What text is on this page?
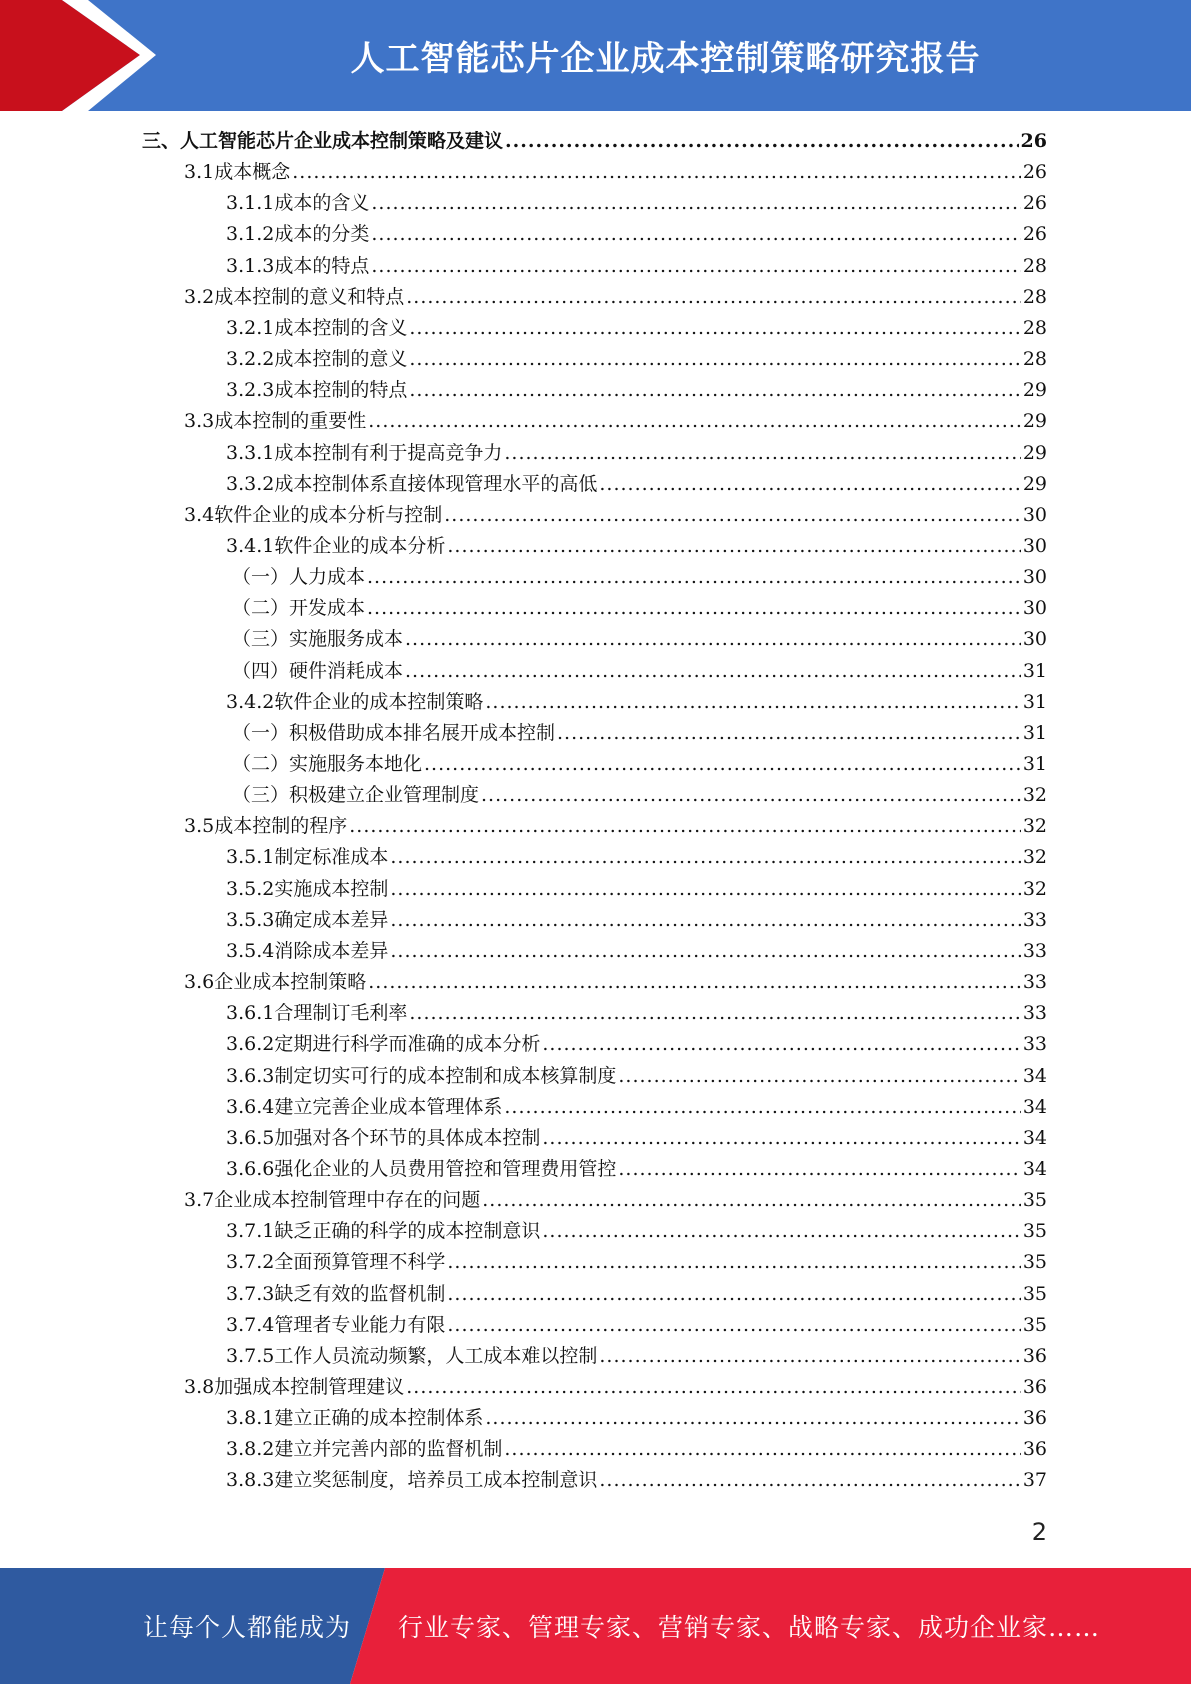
人工智能芯片企业成本控制策略研究报告
三、 人工智能芯片企业成本控制策略及建议 .....	26
3.1 成本概念 .....	26
3.1.1 成本的含义 .....	26
3.1.2 成本的分类 .....	26
3.1.3 成本的特点 .....	28
3.2 成本控制的意义和特点 .....	28
3.2.1 成本控制的含义 .....	28
3.2.2 成本控制的意义 .....	28
3.2.3 成本控制的特点 .....	29
3.3 成本控制的重要性 .....	29
3.3.1 成本控制有利于提高竞争力 .....	29
3.3.2 成本控制体系直接体现管理水平的高低 .....	29
3.4 软件企业的成本分析与控制 .....	30
3.4.1 软件企业的成本分析 .....	30
（一）人力成本 .....	30
（二）开发成本 .....	30
（三）实施服务成本 .....	30
（四）硬件消耗成本 .....	31
3.4.2 软件企业的成本控制策略 .....	31
（一）积极借助成本排名展开成本控制 .....	31
（二）实施服务本地化 .....	31
（三）积极建立企业管理制度 .....	32
3.5 成本控制的程序 .....	32
3.5.1 制定标准成本 .....	32
3.5.2 实施成本控制 .....	32
3.5.3 确定成本差异 .....	33
3.5.4 消除成本差异 .....	33
3.6 企业成本控制策略 .....	33
3.6.1 合理制订毛利率 .....	33
3.6.2 定期进行科学而准确的成本分析 .....	33
3.6.3 制定切实可行的成本控制和成本核算制度 .....	34
3.6.4 建立完善企业成本管理体系 .....	34
3.6.5 加强对各个环节的具体成本控制 .....	34
3.6.6 强化企业的人员费用管控和管理费用管控 .....	34
3.7 企业成本控制管理中存在的问题 .....	35
3.7.1 缺乏正确的科学的成本控制意识 .....	35
3.7.2 全面预算管理不科学 .....	35
3.7.3 缺乏有效的监督机制 .....	35
3.7.4 管理者专业能力有限 .....	35
3.7.5 工作人员流动频繁，人工成本难以控制 .....	36
3.8 加强成本控制管理建议 .....	36
3.8.1 建立正确的成本控制体系 .....	36
3.8.2 建立并完善内部的监督机制 .....	36
3.8.3 建立奖惩制度，培养员工成本控制意识 .....	37
2
让每个人都能成为 行业专家、管理专家、营销专家、战略专家、成功企业家……
